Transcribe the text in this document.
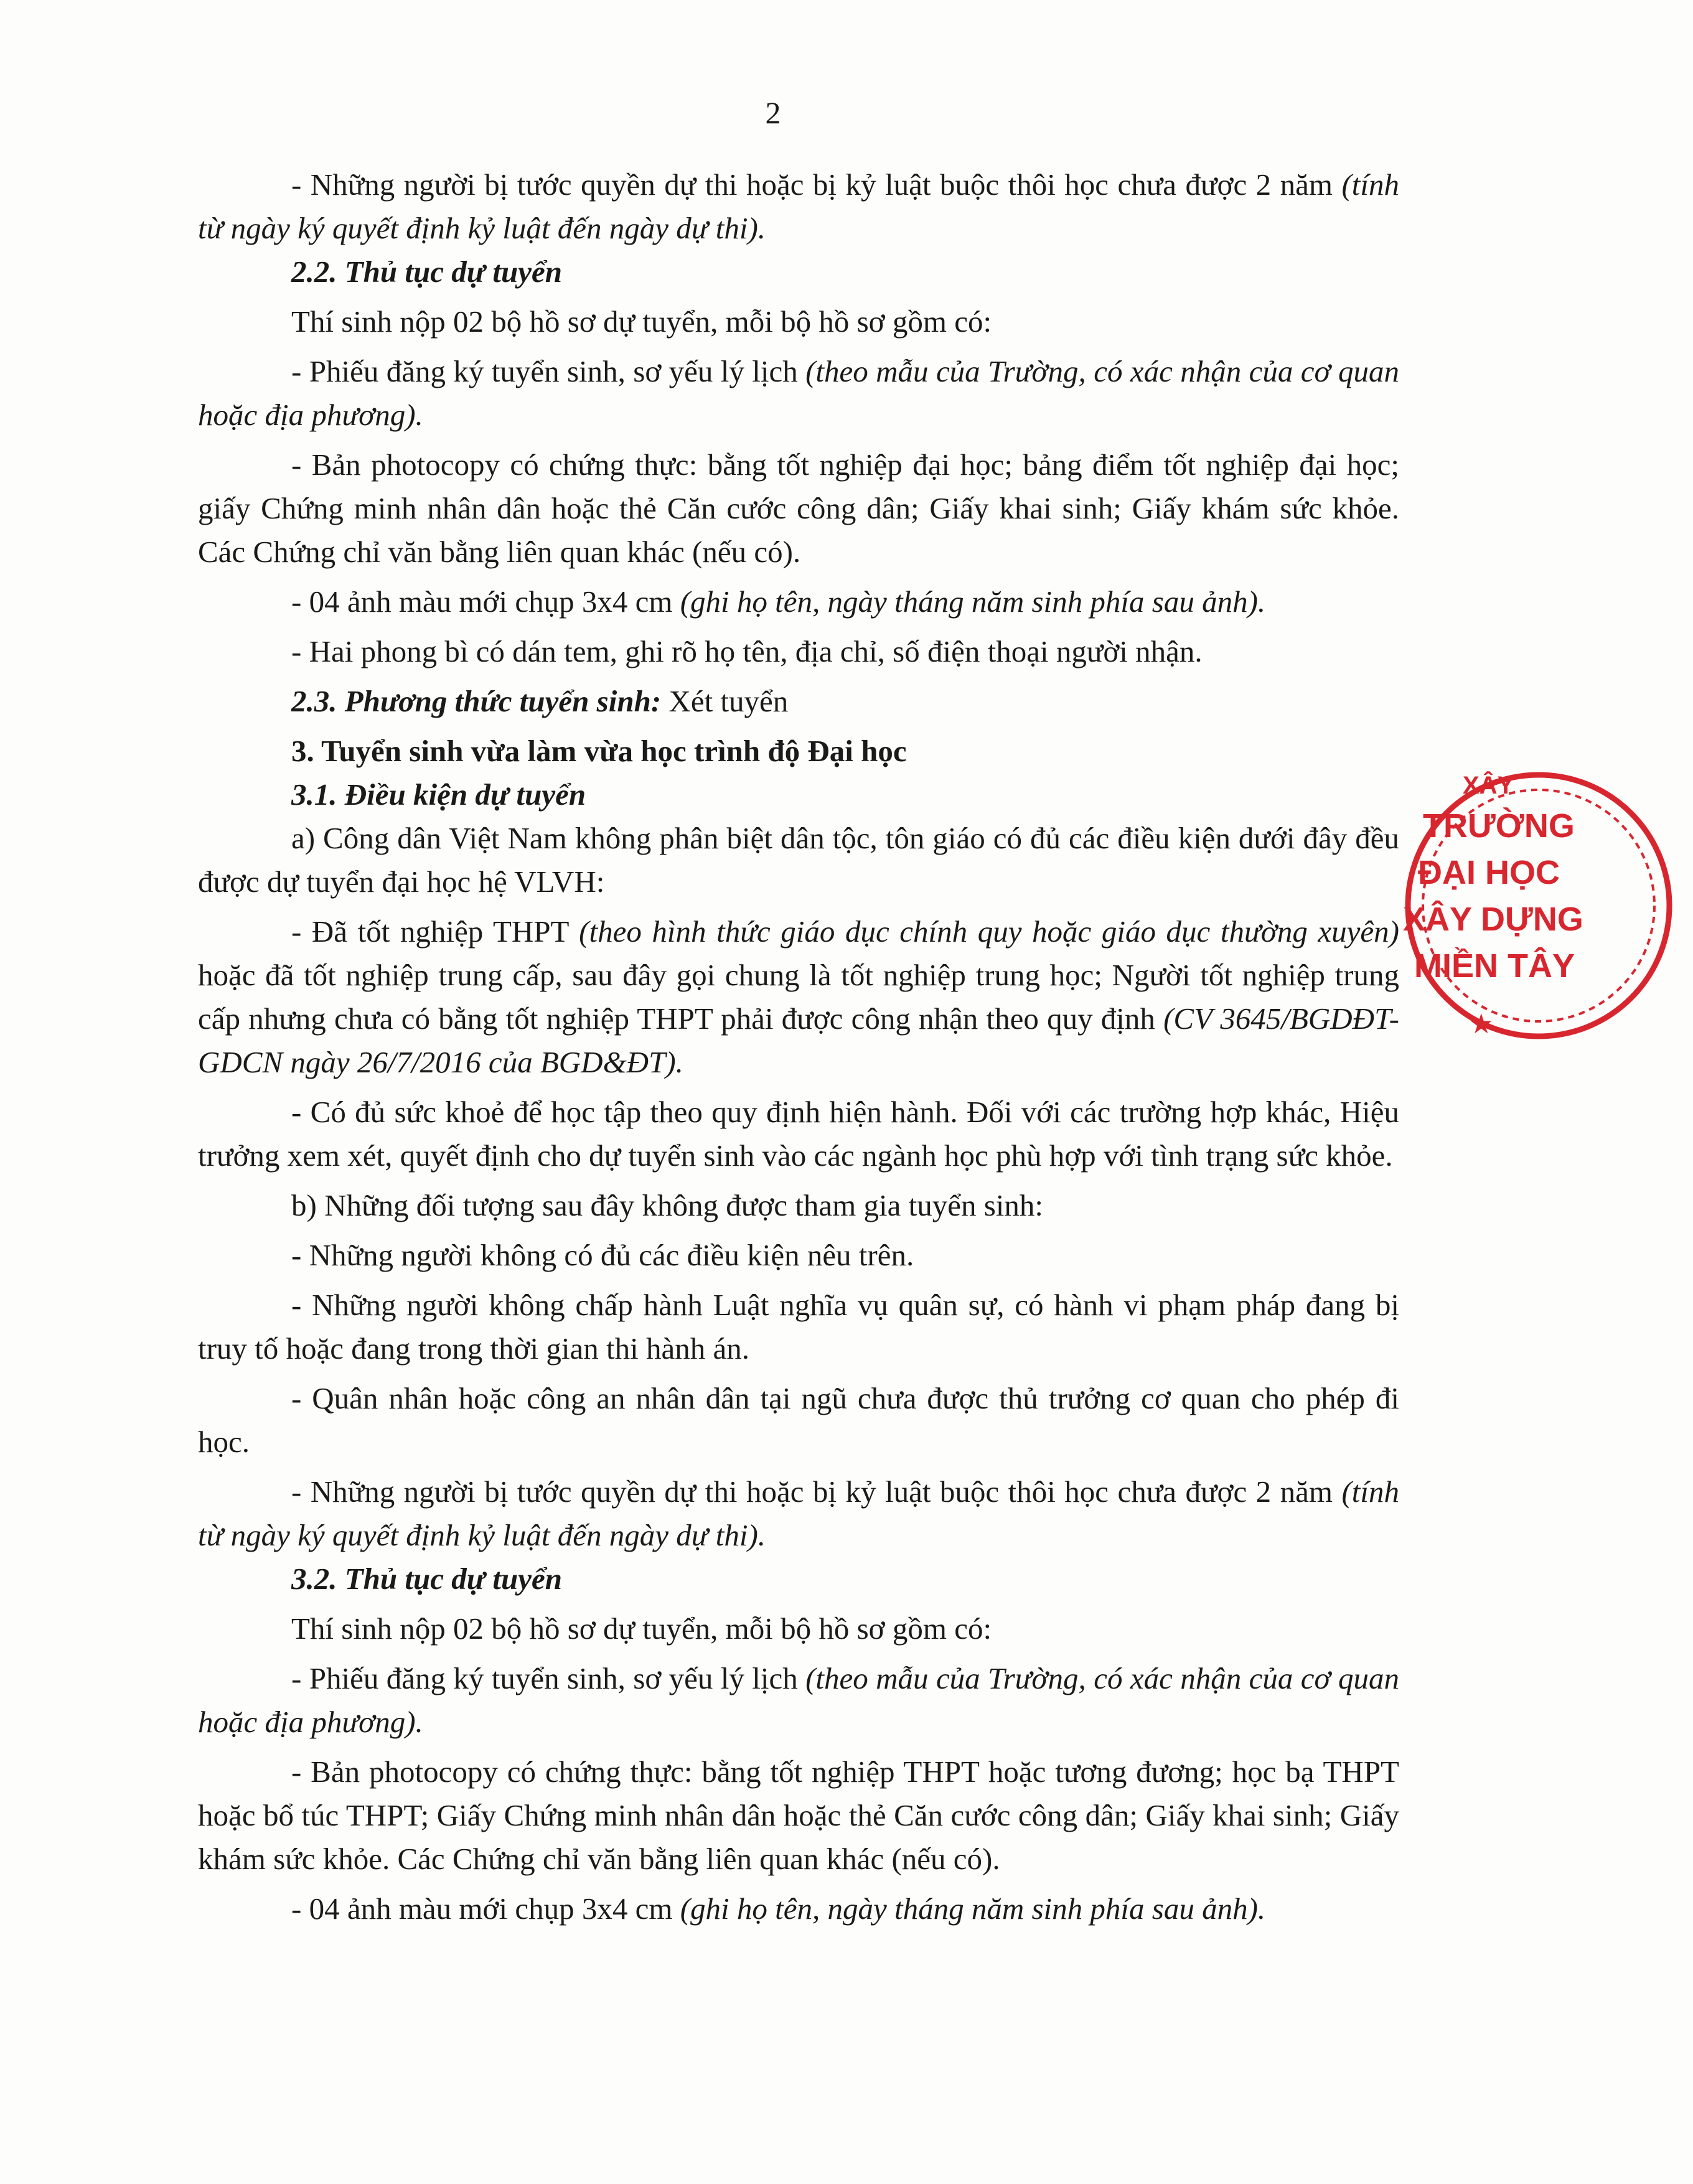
2

- Những người bị tước quyền dự thi hoặc bị kỷ luật buộc thôi học chưa được 2 năm (tính từ ngày ký quyết định kỷ luật đến ngày dự thi).

2.2. Thủ tục dự tuyển

Thí sinh nộp 02 bộ hồ sơ dự tuyển, mỗi bộ hồ sơ gồm có:

- Phiếu đăng ký tuyển sinh, sơ yếu lý lịch (theo mẫu của Trường, có xác nhận của cơ quan hoặc địa phương).

- Bản photocopy có chứng thực: bằng tốt nghiệp đại học; bảng điểm tốt nghiệp đại học; giấy Chứng minh nhân dân hoặc thẻ Căn cước công dân; Giấy khai sinh; Giấy khám sức khỏe. Các Chứng chỉ văn bằng liên quan khác (nếu có).

- 04 ảnh màu mới chụp 3x4 cm (ghi họ tên, ngày tháng năm sinh phía sau ảnh).

- Hai phong bì có dán tem, ghi rõ họ tên, địa chỉ, số điện thoại người nhận.

2.3. Phương thức tuyển sinh: Xét tuyển

3. Tuyển sinh vừa làm vừa học trình độ Đại học

3.1. Điều kiện dự tuyển

a) Công dân Việt Nam không phân biệt dân tộc, tôn giáo có đủ các điều kiện dưới đây đều được dự tuyển đại học hệ VLVH:

- Đã tốt nghiệp THPT (theo hình thức giáo dục chính quy hoặc giáo dục thường xuyên) hoặc đã tốt nghiệp trung cấp, sau đây gọi chung là tốt nghiệp trung học; Người tốt nghiệp trung cấp nhưng chưa có bằng tốt nghiệp THPT phải được công nhận theo quy định (CV 3645/BGDĐT-GDCN ngày 26/7/2016 của BGD&ĐT).

- Có đủ sức khoẻ để học tập theo quy định hiện hành. Đối với các trường hợp khác, Hiệu trưởng xem xét, quyết định cho dự tuyển sinh vào các ngành học phù hợp với tình trạng sức khỏe.

b) Những đối tượng sau đây không được tham gia tuyển sinh:

- Những người không có đủ các điều kiện nêu trên.

- Những người không chấp hành Luật nghĩa vụ quân sự, có hành vi phạm pháp đang bị truy tố hoặc đang trong thời gian thi hành án.

- Quân nhân hoặc công an nhân dân tại ngũ chưa được thủ trưởng cơ quan cho phép đi học.

- Những người bị tước quyền dự thi hoặc bị kỷ luật buộc thôi học chưa được 2 năm (tính từ ngày ký quyết định kỷ luật đến ngày dự thi).

3.2. Thủ tục dự tuyển

Thí sinh nộp 02 bộ hồ sơ dự tuyển, mỗi bộ hồ sơ gồm có:

- Phiếu đăng ký tuyển sinh, sơ yếu lý lịch (theo mẫu của Trường, có xác nhận của cơ quan hoặc địa phương).

- Bản photocopy có chứng thực: bằng tốt nghiệp THPT hoặc tương đương; học bạ THPT hoặc bổ túc THPT; Giấy Chứng minh nhân dân hoặc thẻ Căn cước công dân; Giấy khai sinh; Giấy khám sức khỏe. Các Chứng chỉ văn bằng liên quan khác (nếu có).

- 04 ảnh màu mới chụp 3x4 cm (ghi họ tên, ngày tháng năm sinh phía sau ảnh).

XÂY
TRƯỜNG
ĐẠI HỌC
XÂY DỰNG
MIỀN TÂY
★
